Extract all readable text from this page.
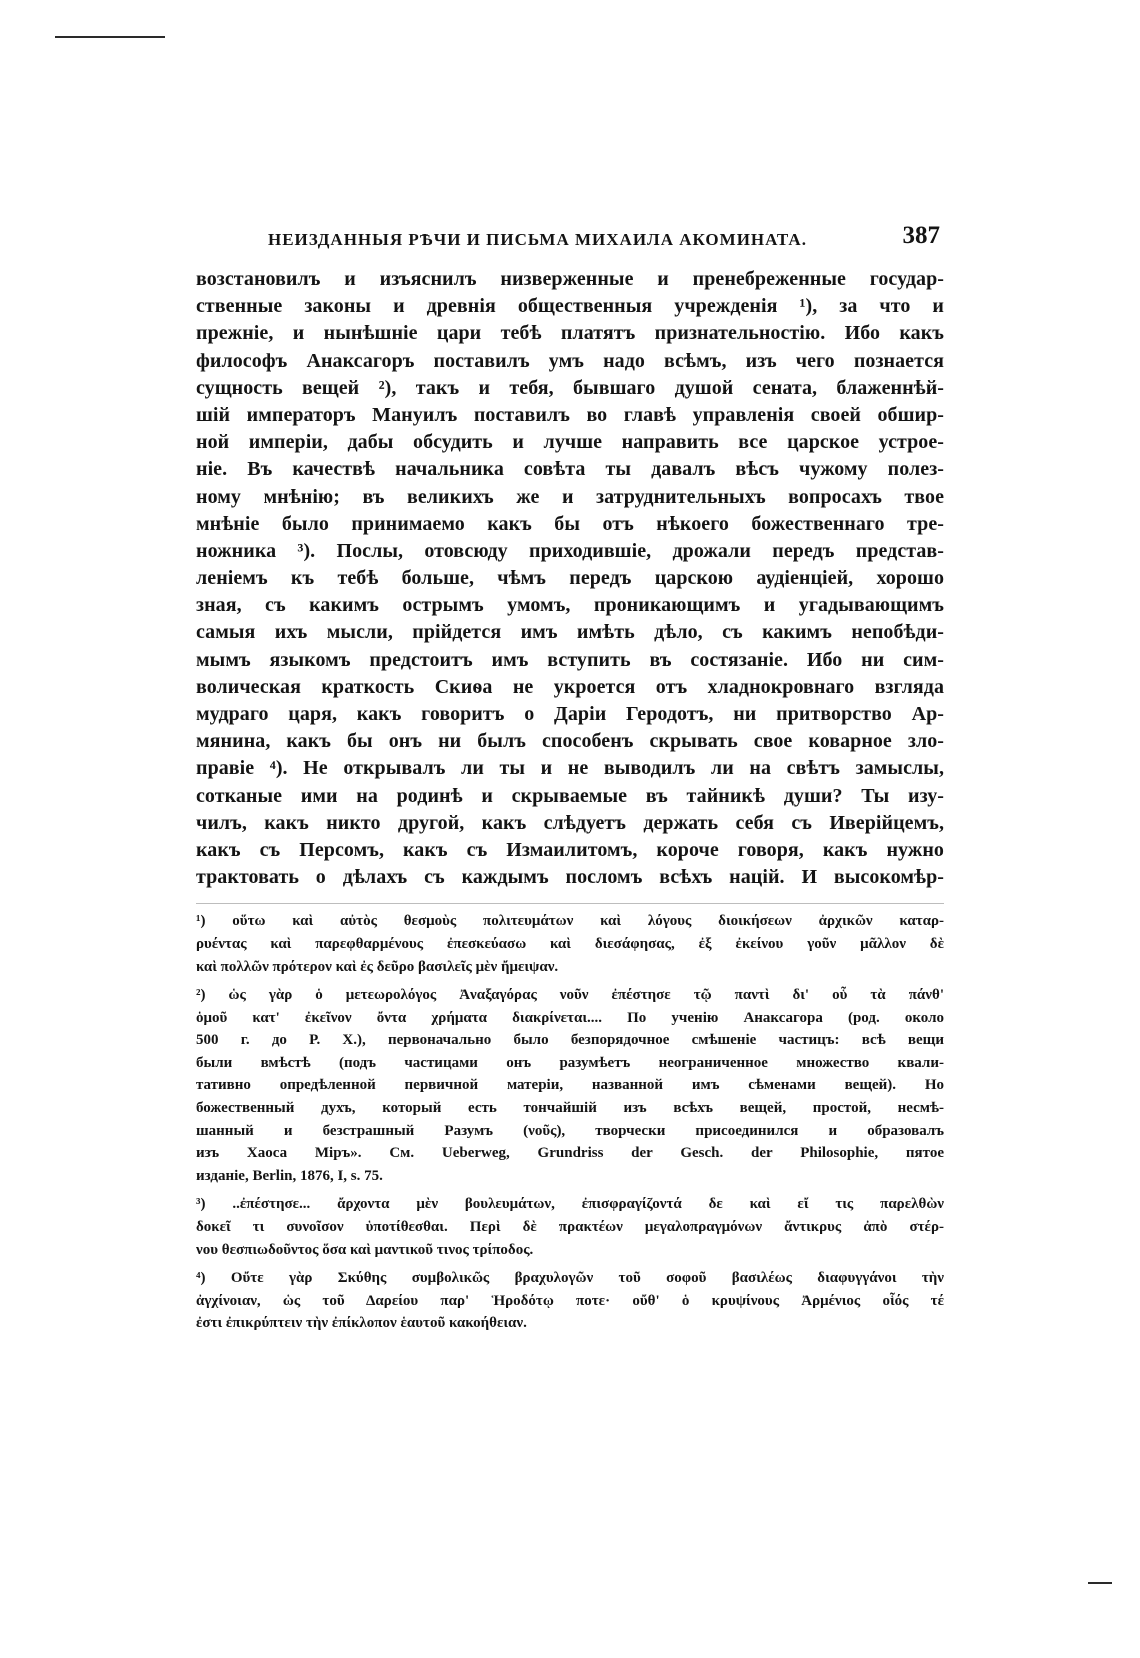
НЕИЗДАННЫЯ РѢЧИ И ПИСЬМА МИХАИЛА АКОМИНАТА.	387
возстановилъ и изъяснилъ низверженные и пренебреженные государ-
ственные законы и древнія общественныя учрежденія ¹), за что и
прежніе, и нынѣшніе цари тебѣ платятъ признательностію. Ибо какъ
философъ Анаксагоръ поставилъ умъ надо всѣмъ, изъ чего познается
сущность вещей ²), такъ и тебя, бывшаго душой сената, блаженнѣй-
шій императоръ Мануилъ поставилъ во главѣ управленія своей обшир-
ной имперіи, дабы обсудить и лучше направить все царское устрое-
ніе. Въ качествѣ начальника совѣта ты давалъ вѣсъ чужому полез-
ному мнѣнію; въ великихъ же и затруднительныхъ вопросахъ твое
мнѣніе было принимаемо какъ бы отъ нѣкоего божественнаго тре-
ножника ³). Послы, отовсюду приходившіе, дрожали передъ представ-
леніемъ къ тебѣ больше, чѣмъ передъ царскою аудіенціей, хорошо
зная, съ какимъ острымъ умомъ, проникающимъ и угадывающимъ
самыя ихъ мысли, прійдется имъ имѣть дѣло, съ какимъ непобѣди-
мымъ языкомъ предстоитъ имъ вступить въ состязаніе. Ибо ни сим-
волическая краткость Скиѳа не укроется отъ хладнокровнаго взгляда
мудраго царя, какъ говоритъ о Даріи Геродотъ, ни притворство Ар-
мянина, какъ бы онъ ни былъ способенъ скрывать свое коварное зло-
правіе ⁴). Не открывалъ ли ты и не выводилъ ли на свѣтъ замыслы,
сотканые ими на родинѣ и скрываемые въ тайникѣ души? Ты изу-
чилъ, какъ никто другой, какъ слѣдуетъ держать себя съ Иверійцемъ,
какъ съ Персомъ, какъ съ Измаилитомъ, короче говоря, какъ нужно
трактовать о дѣлахъ съ каждымъ посломъ всѣхъ націй. И высокомѣр-
¹) οὕτω καὶ αὐτὸς θεσμοὺς πολιτευμάτων καὶ λόγους διοικήσεων ἀρχικῶν καταρ-
ρυέντας καὶ παρεφθαρμένους ἐπεσκεύασω καὶ διεσάφησας, ἐξ ἐκείνου γοῦν μᾶλλον δὲ
καὶ πολλῶν πρότερον καὶ ἐς δεῦρο βασιλεῖς μὲν ἤμειψαν.
²) ὡς γὰρ ὁ μετεωρολόγος Ἀναξαγόρας νοῦν ἐπέστησε τῷ παντὶ δι' οὗ τὰ πάνθ'
ὁμοῦ κατ' ἐκεῖνον ὄντα χρήματα διακρίνεται.... По ученію Анаксагора (род. около
500 г. до Р. Х.), первоначально было безпорядочное смѣшеніе частицъ: всѣ вещи
были вмѣстѣ (подъ частицами онъ разумѣетъ неограниченное множество квали-
тативно опредѣленной первичной матеріи, названной имъ сѣменами вещей). Но
божественный духъ, который есть тончайшій изъ всѣхъ вещей, простой, несмѣ-
шанный и безстрашный Разумъ (νοῦς), творчески присоединился и образовалъ
изъ Хаоса Міръ». См. Ueberweg, Grundriss der Gesch. der Philosophie, пятое
изданіе, Berlin, 1876, I, s. 75.
³) ..ἐπέστησε... ἄρχοντα μὲν βουλευμάτων, ἐπισφραγίζοντά δε καὶ εἴ τις παρελθὼν
δοκεῖ τι συνοῖσον ὑποτίθεσθαι. Περὶ δὲ πρακτέων μεγαλοπραγμόνων ἄντικρυς ἀπὸ στέρ-
νου θεσπιωδοῦντος ὅσα καὶ μαντικοῦ τινος τρίποδος.
⁴) Οὔτε γὰρ Σκύθης συμβολικῶς βραχυλογῶν τοῦ σοφοῦ βασιλέως διαφυγγάνοι τὴν
ἀγχίνοιαν, ὡς τοῦ Δαρείου παρ' Ἡροδότῳ ποτε· οὔθ' ὁ κρυψίνους Ἀρμένιος οἷός τέ
ἐστι ἐπικρύπτειν τὴν ἐπίκλοπον ἑαυτοῦ κακοήθειαν.
